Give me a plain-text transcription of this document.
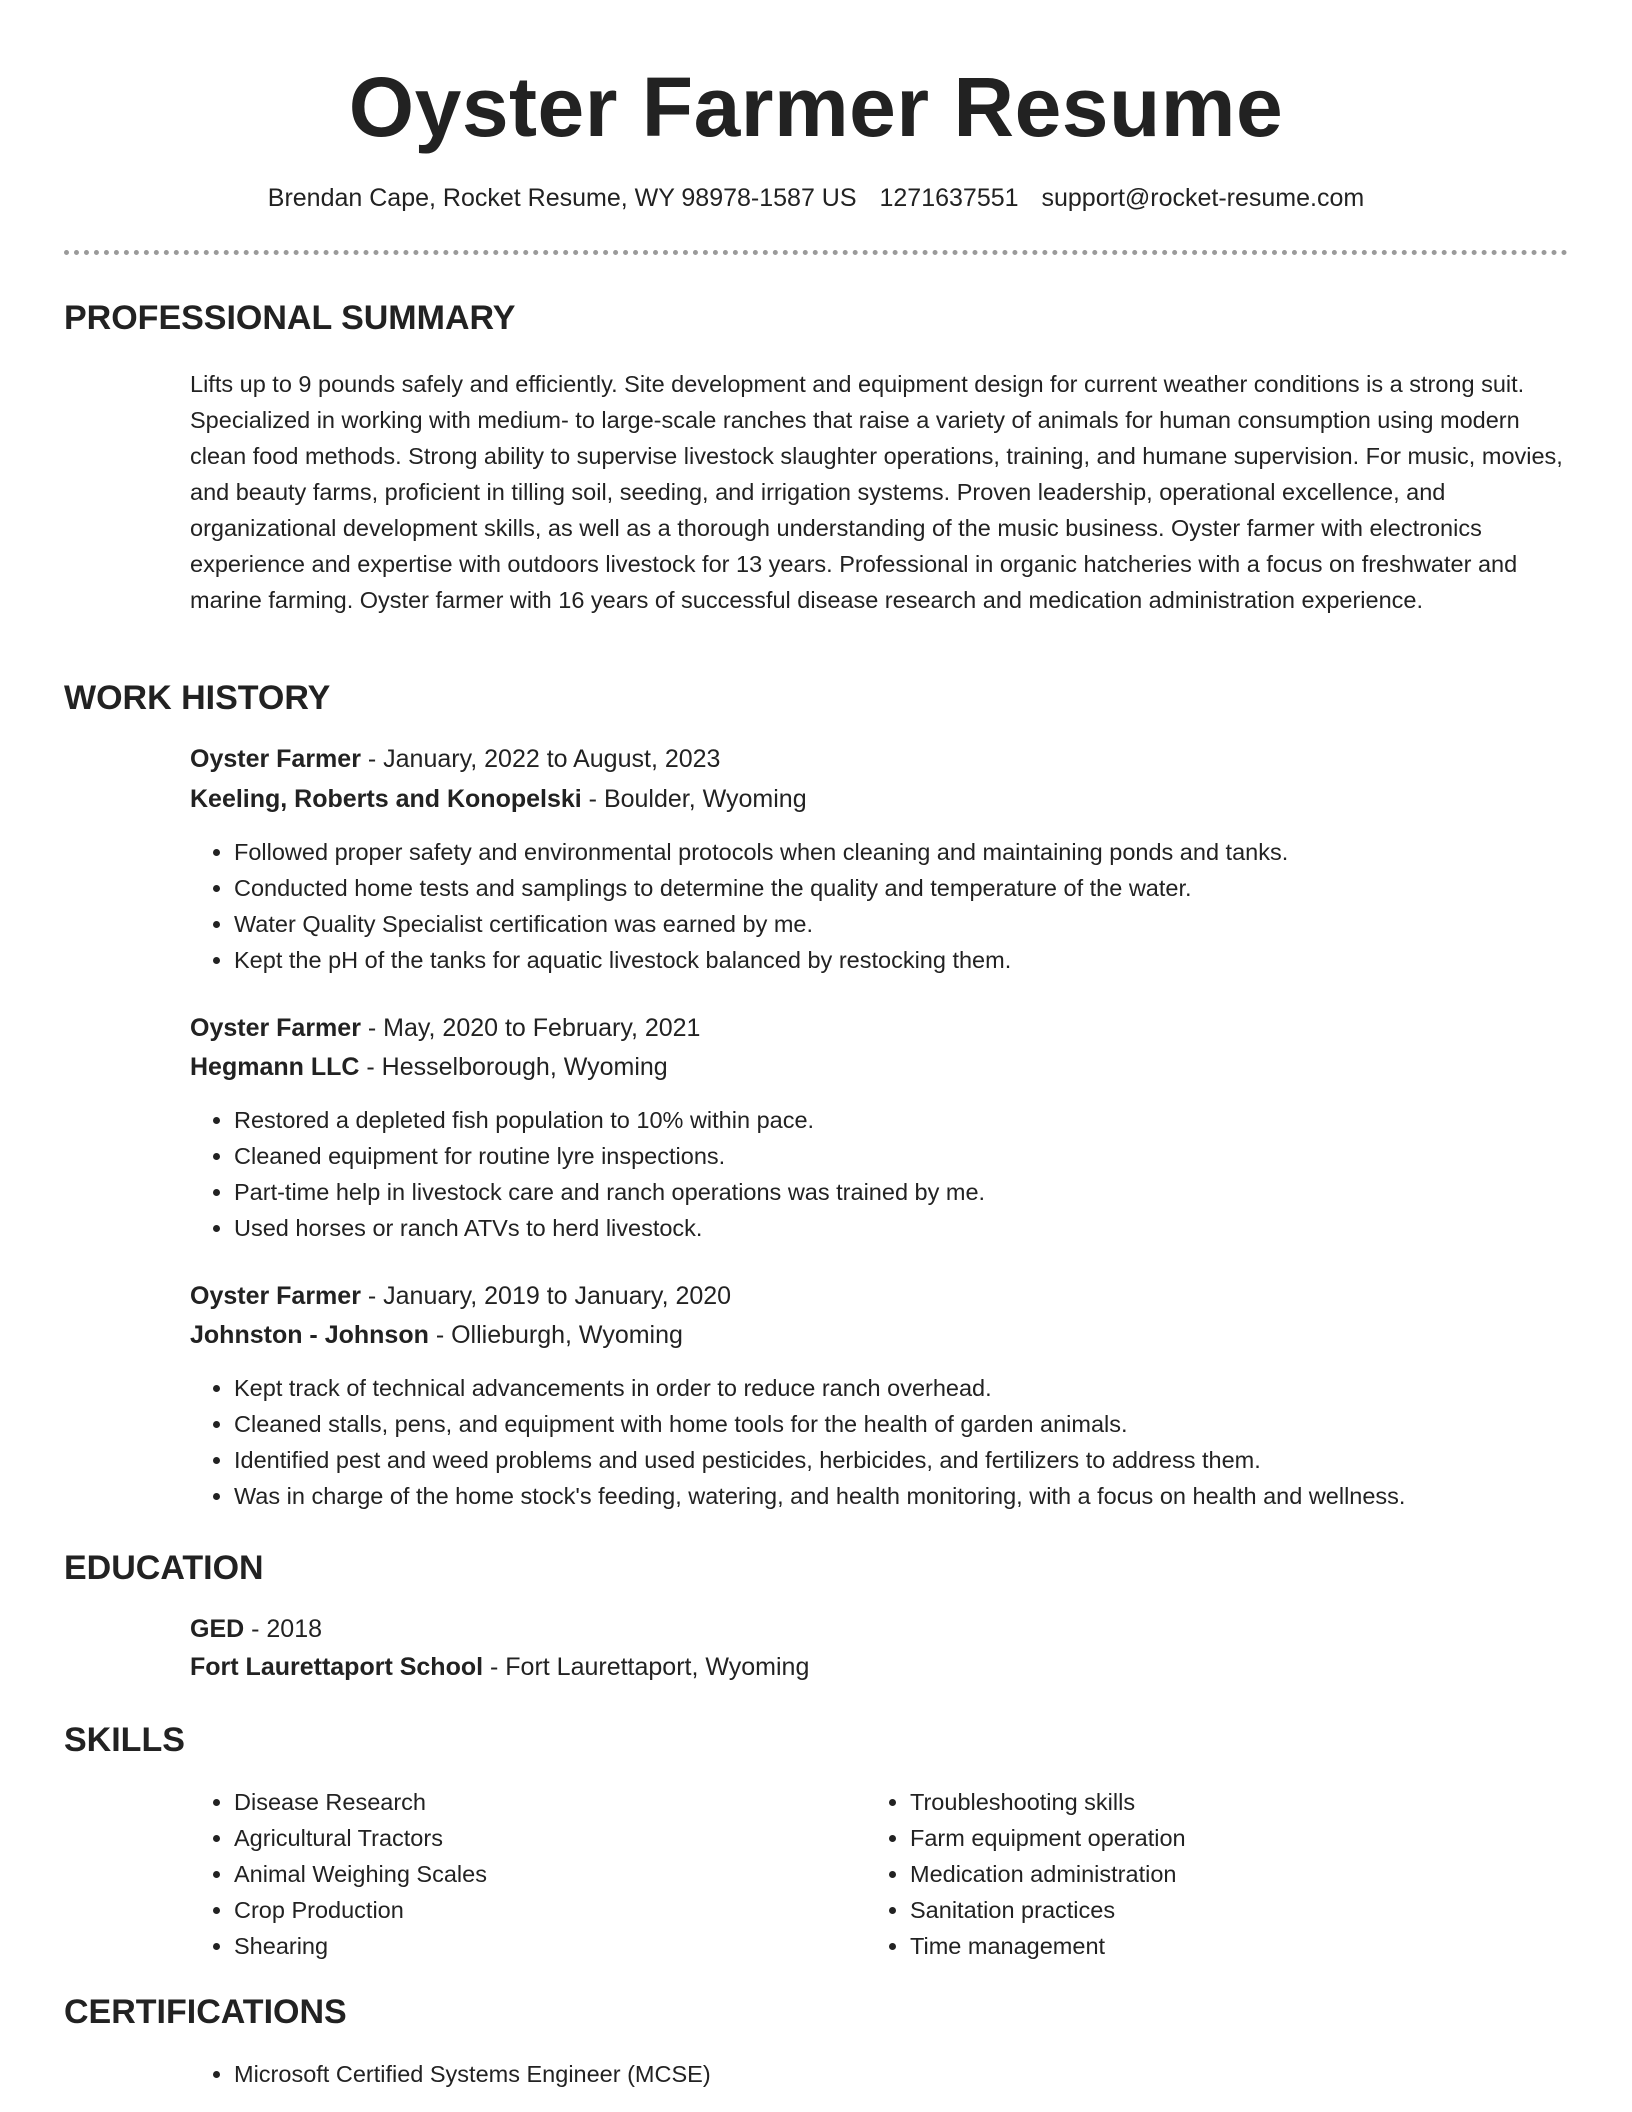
Oyster Farmer Resume
Brendan Cape, Rocket Resume, WY 98978-1587 US 1271637551 support@rocket-resume.com
PROFESSIONAL SUMMARY

Lifts up to 9 pounds safely and efficiently. Site development and equipment design for current weather conditions is a strong suit. Specialized in working with medium- to large-scale ranches that raise a variety of animals for human consumption using modern clean food methods. Strong ability to supervise livestock slaughter operations, training, and humane supervision. For music, movies, and beauty farms, proficient in tilling soil, seeding, and irrigation systems. Proven leadership, operational excellence, and organizational development skills, as well as a thorough understanding of the music business. Oyster farmer with electronics experience and expertise with outdoors livestock for 13 years. Professional in organic hatcheries with a focus on freshwater and marine farming. Oyster farmer with 16 years of successful disease research and medication administration experience.

WORK HISTORY
Oyster Farmer - January, 2022 to August, 2023
Keeling, Roberts and Konopelski - Boulder, Wyoming
• Followed proper safety and environmental protocols when cleaning and maintaining ponds and tanks.
• Conducted home tests and samplings to determine the quality and temperature of the water.
• Water Quality Specialist certification was earned by me.
• Kept the pH of the tanks for aquatic livestock balanced by restocking them.
Oyster Farmer - May, 2020 to February, 2021
Hegmann LLC - Hesselborough, Wyoming
• Restored a depleted fish population to 10% within pace.
• Cleaned equipment for routine lyre inspections.
• Part-time help in livestock care and ranch operations was trained by me.
• Used horses or ranch ATVs to herd livestock.
Oyster Farmer - January, 2019 to January, 2020
Johnston - Johnson - Ollieburgh, Wyoming
• Kept track of technical advancements in order to reduce ranch overhead.
• Cleaned stalls, pens, and equipment with home tools for the health of garden animals.
• Identified pest and weed problems and used pesticides, herbicides, and fertilizers to address them.
• Was in charge of the home stock's feeding, watering, and health monitoring, with a focus on health and wellness.
EDUCATION
GED - 2018
Fort Laurettaport School - Fort Laurettaport, Wyoming
SKILLS
• Disease Research
• Agricultural Tractors
• Animal Weighing Scales
• Crop Production
• Shearing
• Troubleshooting skills
• Farm equipment operation
• Medication administration
• Sanitation practices
• Time management
CERTIFICATIONS
• Microsoft Certified Systems Engineer (MCSE)
